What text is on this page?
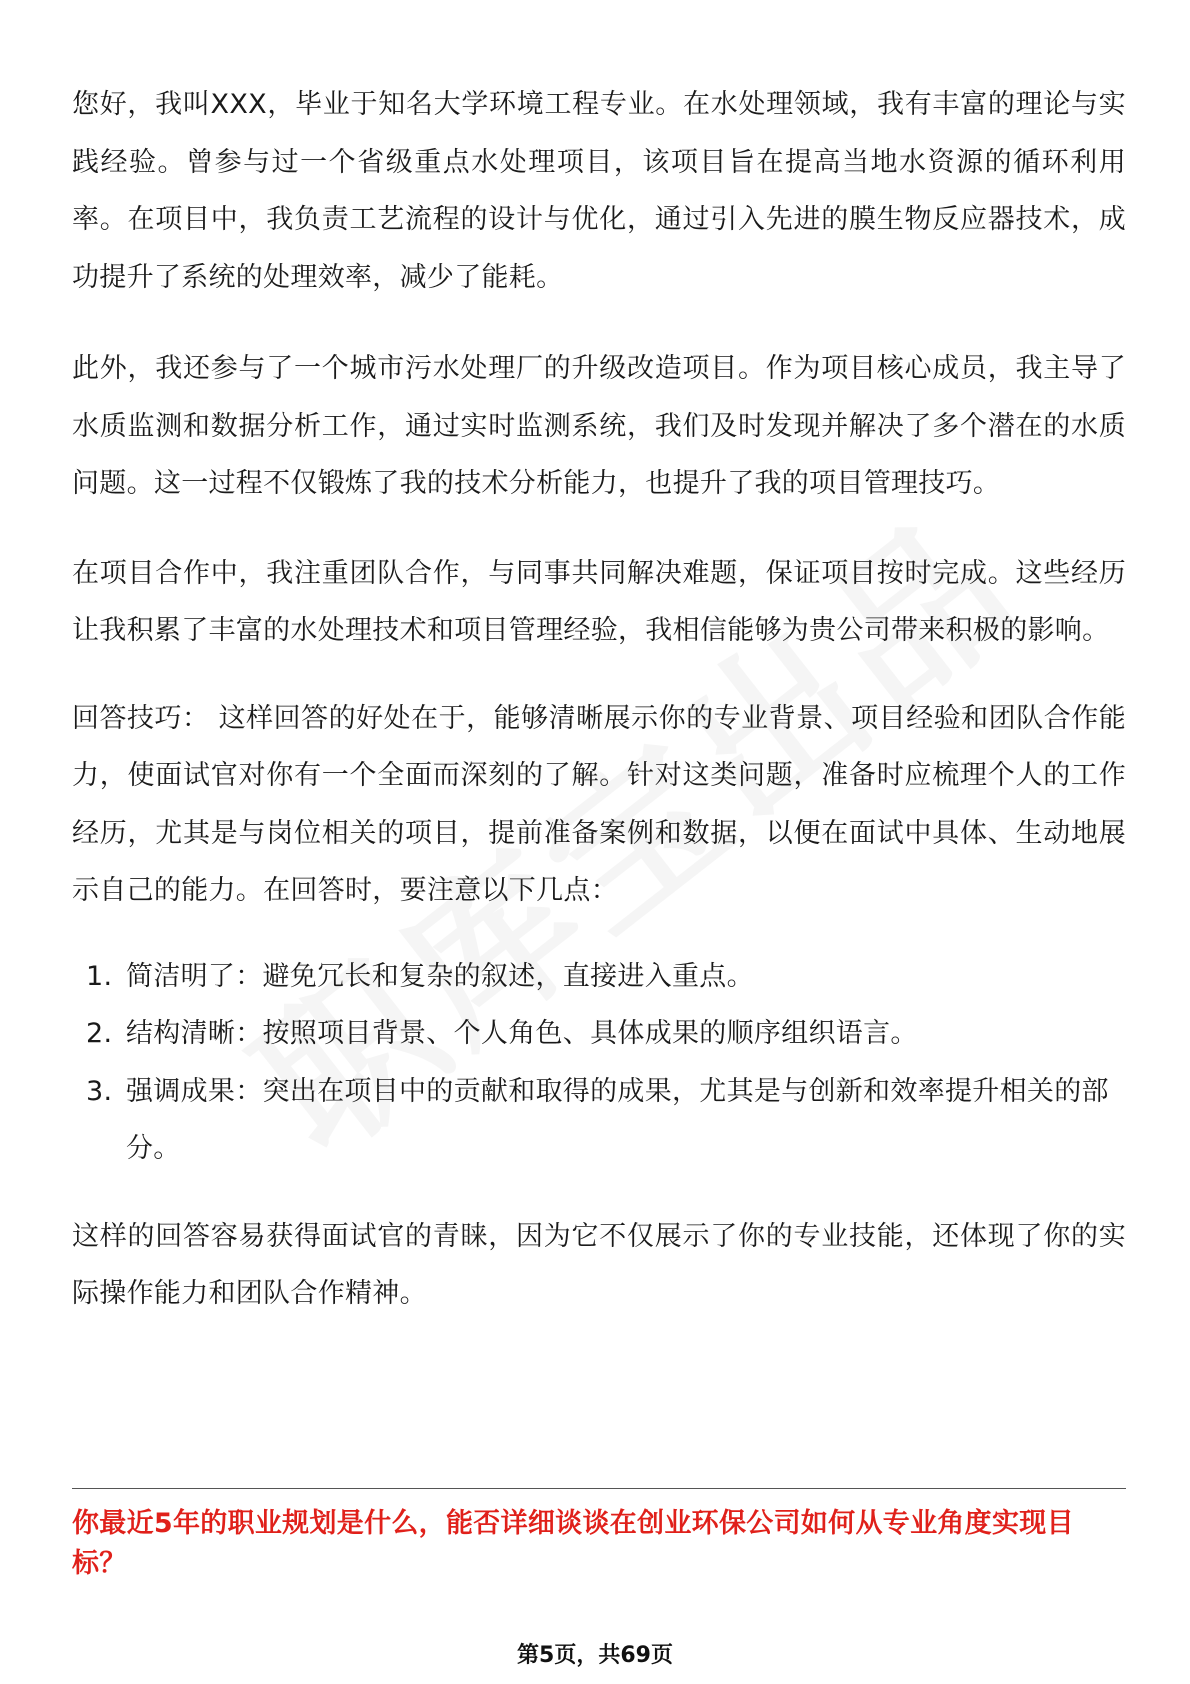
您好，我叫XXX，毕业于知名大学环境工程专业。在水处理领域，我有丰富的理论与实践经验。曾参与过一个省级重点水处理项目，该项目旨在提高当地水资源的循环利用率。在项目中，我负责工艺流程的设计与优化，通过引入先进的膜生物反应器技术，成功提升了系统的处理效率，减少了能耗。

此外，我还参与了一个城市污水处理厂的升级改造项目。作为项目核心成员，我主导了水质监测和数据分析工作，通过实时监测系统，我们及时发现并解决了多个潜在的水质问题。这一过程不仅锻炼了我的技术分析能力，也提升了我的项目管理技巧。

在项目合作中，我注重团队合作，与同事共同解决难题，保证项目按时完成。这些经历让我积累了丰富的水处理技术和项目管理经验，我相信能够为贵公司带来积极的影响。

回答技巧： 这样回答的好处在于，能够清晰展示你的专业背景、项目经验和团队合作能力，使面试官对你有一个全面而深刻的了解。针对这类问题，准备时应梳理个人的工作经历，尤其是与岗位相关的项目，提前准备案例和数据，以便在面试中具体、生动地展示自己的能力。在回答时，要注意以下几点：

1. 简洁明了：避免冗长和复杂的叙述，直接进入重点。
2. 结构清晰：按照项目背景、个人角色、具体成果的顺序组织语言。
3. 强调成果：突出在项目中的贡献和取得的成果，尤其是与创新和效率提升相关的部分。

这样的回答容易获得面试官的青睐，因为它不仅展示了你的专业技能，还体现了你的实际操作能力和团队合作精神。

你最近5年的职业规划是什么，能否详细谈谈在创业环保公司如何从专业角度实现目标？
第5页，共69页
